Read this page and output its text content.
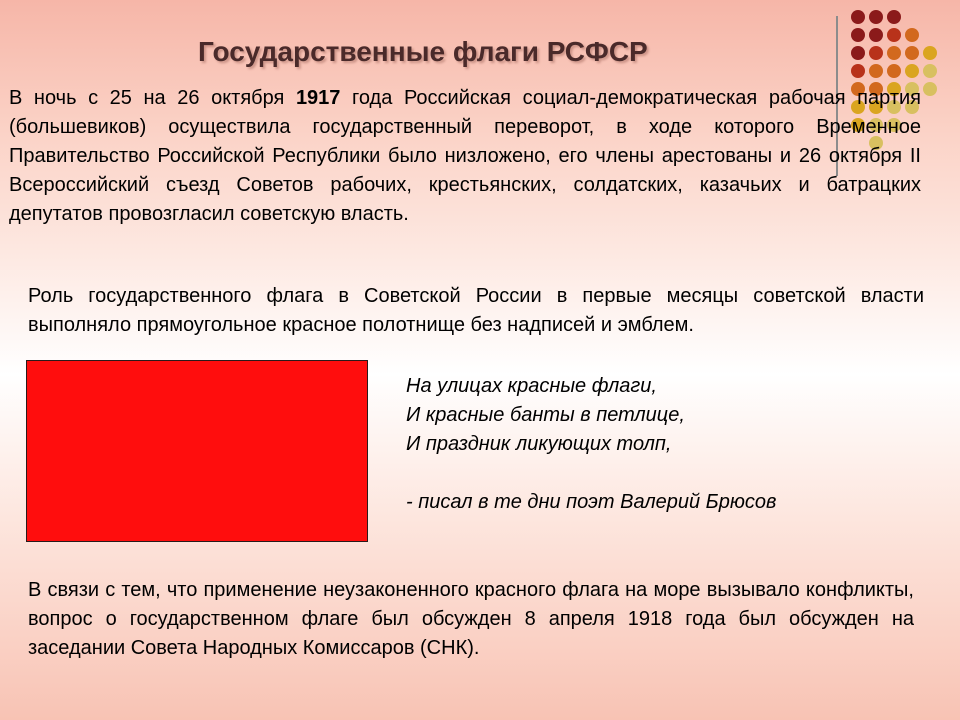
Государственные флаги РСФСР

В ночь с 25 на 26 октября 1917 года Российская социал-демократическая рабочая партия (большевиков) осуществила государственный переворот, в ходе которого Временное Правительство Российской Республики было низложено, его члены арестованы и 26 октября II Всероссийский съезд Советов рабочих, крестьянских, солдатских, казачьих и батрацких депутатов провозгласил советскую власть.

Роль государственного флага в Советской России в первые месяцы советской власти выполняло прямоугольное красное полотнище без надписей и эмблем.

На улицах красные флаги,
И красные банты в петлице,
И праздник ликующих толп,
- писал в те дни поэт Валерий Брюсов

В связи с тем, что применение неузаконенного красного флага на море вызывало конфликты, вопрос о государственном флаге был обсужден 8 апреля 1918 года был обсужден на заседании Совета Народных Комиссаров (СНК).
